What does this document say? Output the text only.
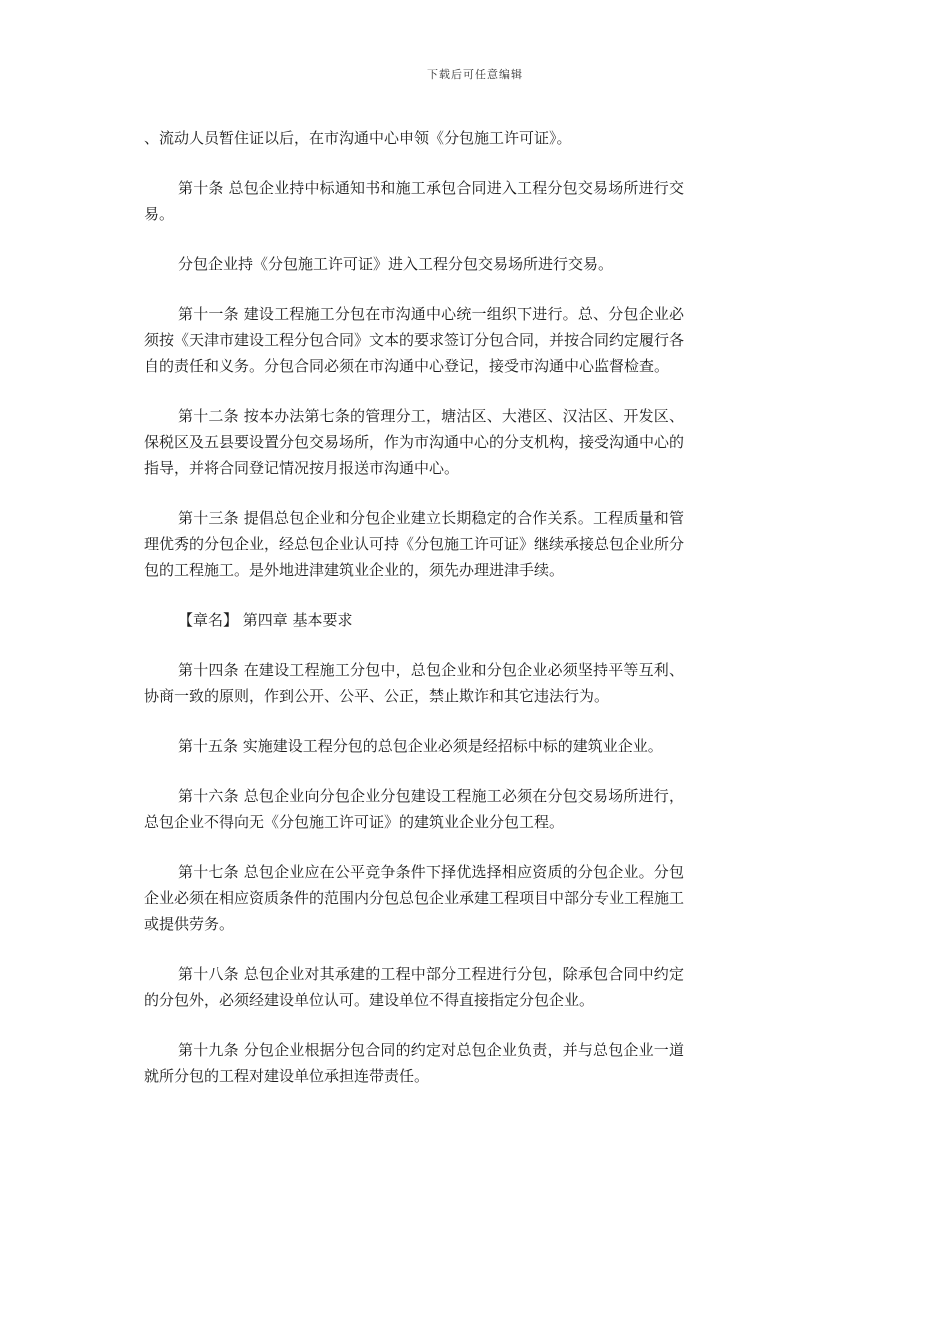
下载后可任意编辑

、流动人员暂住证以后，在市沟通中心申领《分包施工许可证》。

第十条 总包企业持中标通知书和施工承包合同进入工程分包交易场所进行交易。

分包企业持《分包施工许可证》进入工程分包交易场所进行交易。

第十一条 建设工程施工分包在市沟通中心统一组织下进行。总、分包企业必须按《天津市建设工程分包合同》文本的要求签订分包合同，并按合同约定履行各自的责任和义务。分包合同必须在市沟通中心登记，接受市沟通中心监督检查。

第十二条 按本办法第七条的管理分工，塘沽区、大港区、汉沽区、开发区、保税区及五县要设置分包交易场所，作为市沟通中心的分支机构，接受沟通中心的指导，并将合同登记情况按月报送市沟通中心。

第十三条 提倡总包企业和分包企业建立长期稳定的合作关系。工程质量和管理优秀的分包企业，经总包企业认可持《分包施工许可证》继续承接总包企业所分包的工程施工。是外地进津建筑业企业的，须先办理进津手续。

【章名】 第四章 基本要求

第十四条 在建设工程施工分包中，总包企业和分包企业必须坚持平等互利、协商一致的原则，作到公开、公平、公正，禁止欺诈和其它违法行为。

第十五条 实施建设工程分包的总包企业必须是经招标中标的建筑业企业。

第十六条 总包企业向分包企业分包建设工程施工必须在分包交易场所进行，总包企业不得向无《分包施工许可证》的建筑业企业分包工程。

第十七条 总包企业应在公平竞争条件下择优选择相应资质的分包企业。分包企业必须在相应资质条件的范围内分包总包企业承建工程项目中部分专业工程施工或提供劳务。

第十八条 总包企业对其承建的工程中部分工程进行分包，除承包合同中约定的分包外，必须经建设单位认可。建设单位不得直接指定分包企业。

第十九条 分包企业根据分包合同的约定对总包企业负责，并与总包企业一道就所分包的工程对建设单位承担连带责任。
